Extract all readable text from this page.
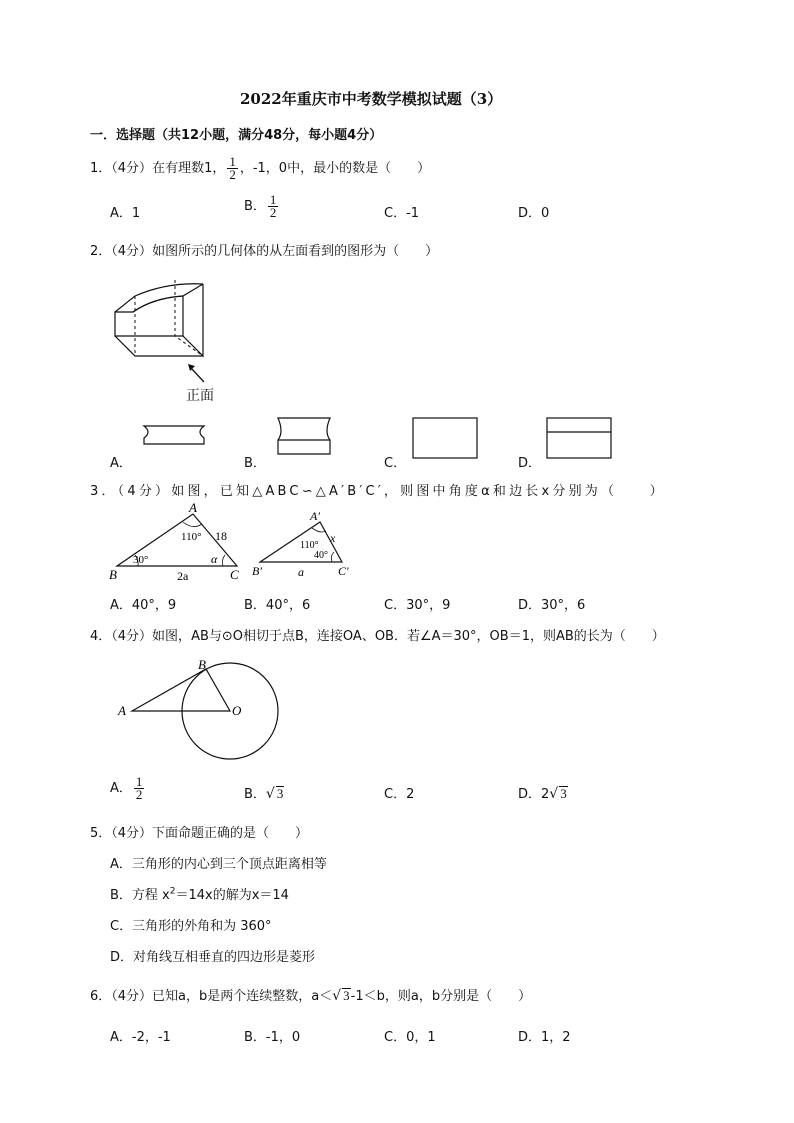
2022年重庆市中考数学模拟试题（3）
一．选择题（共12小题，满分48分，每小题4分）
1．（4分）在有理数1， $\frac{1}{2}$ ，-1，0中，最小的数是（　　）
A．1	B． $\frac{1}{2}$	C．-1	D．0
2．（4分）如图所示的几何体的从左面看到的图形为（　　）
正面
A．	B．	C．	D．
3．（4分）如图，已知△ABC∽△A′B′C′，则图中角度α和边长x分别为（　　）
A
B	C
110°
30°	α
18
2a
A′
B′	C′
110°
40°
x
a
A．40°，9	B．40°，6	C．30°，9	D．30°，6
4．（4分）如图，AB与⊙O相切于点B，连接OA、OB．若∠A＝30°，OB＝1，则AB的长为（　　）
A
B
O
A． $\frac{1}{2}$	B．√ 3	C．2	D．2√ 3
5．（4分）下面命题正确的是（　　）
A．三角形的内心到三个顶点距离相等
B．方程 $x^2=14x$的解为x＝14
C．三角形的外角和为 360°
D．对角线互相垂直的四边形是菱形
6．（4分）已知a，b是两个连续整数，a＜√ 3-1＜b，则a，b分别是（　　）
A．-2，-1	B．-1，0	C．0，1	D．1，2
